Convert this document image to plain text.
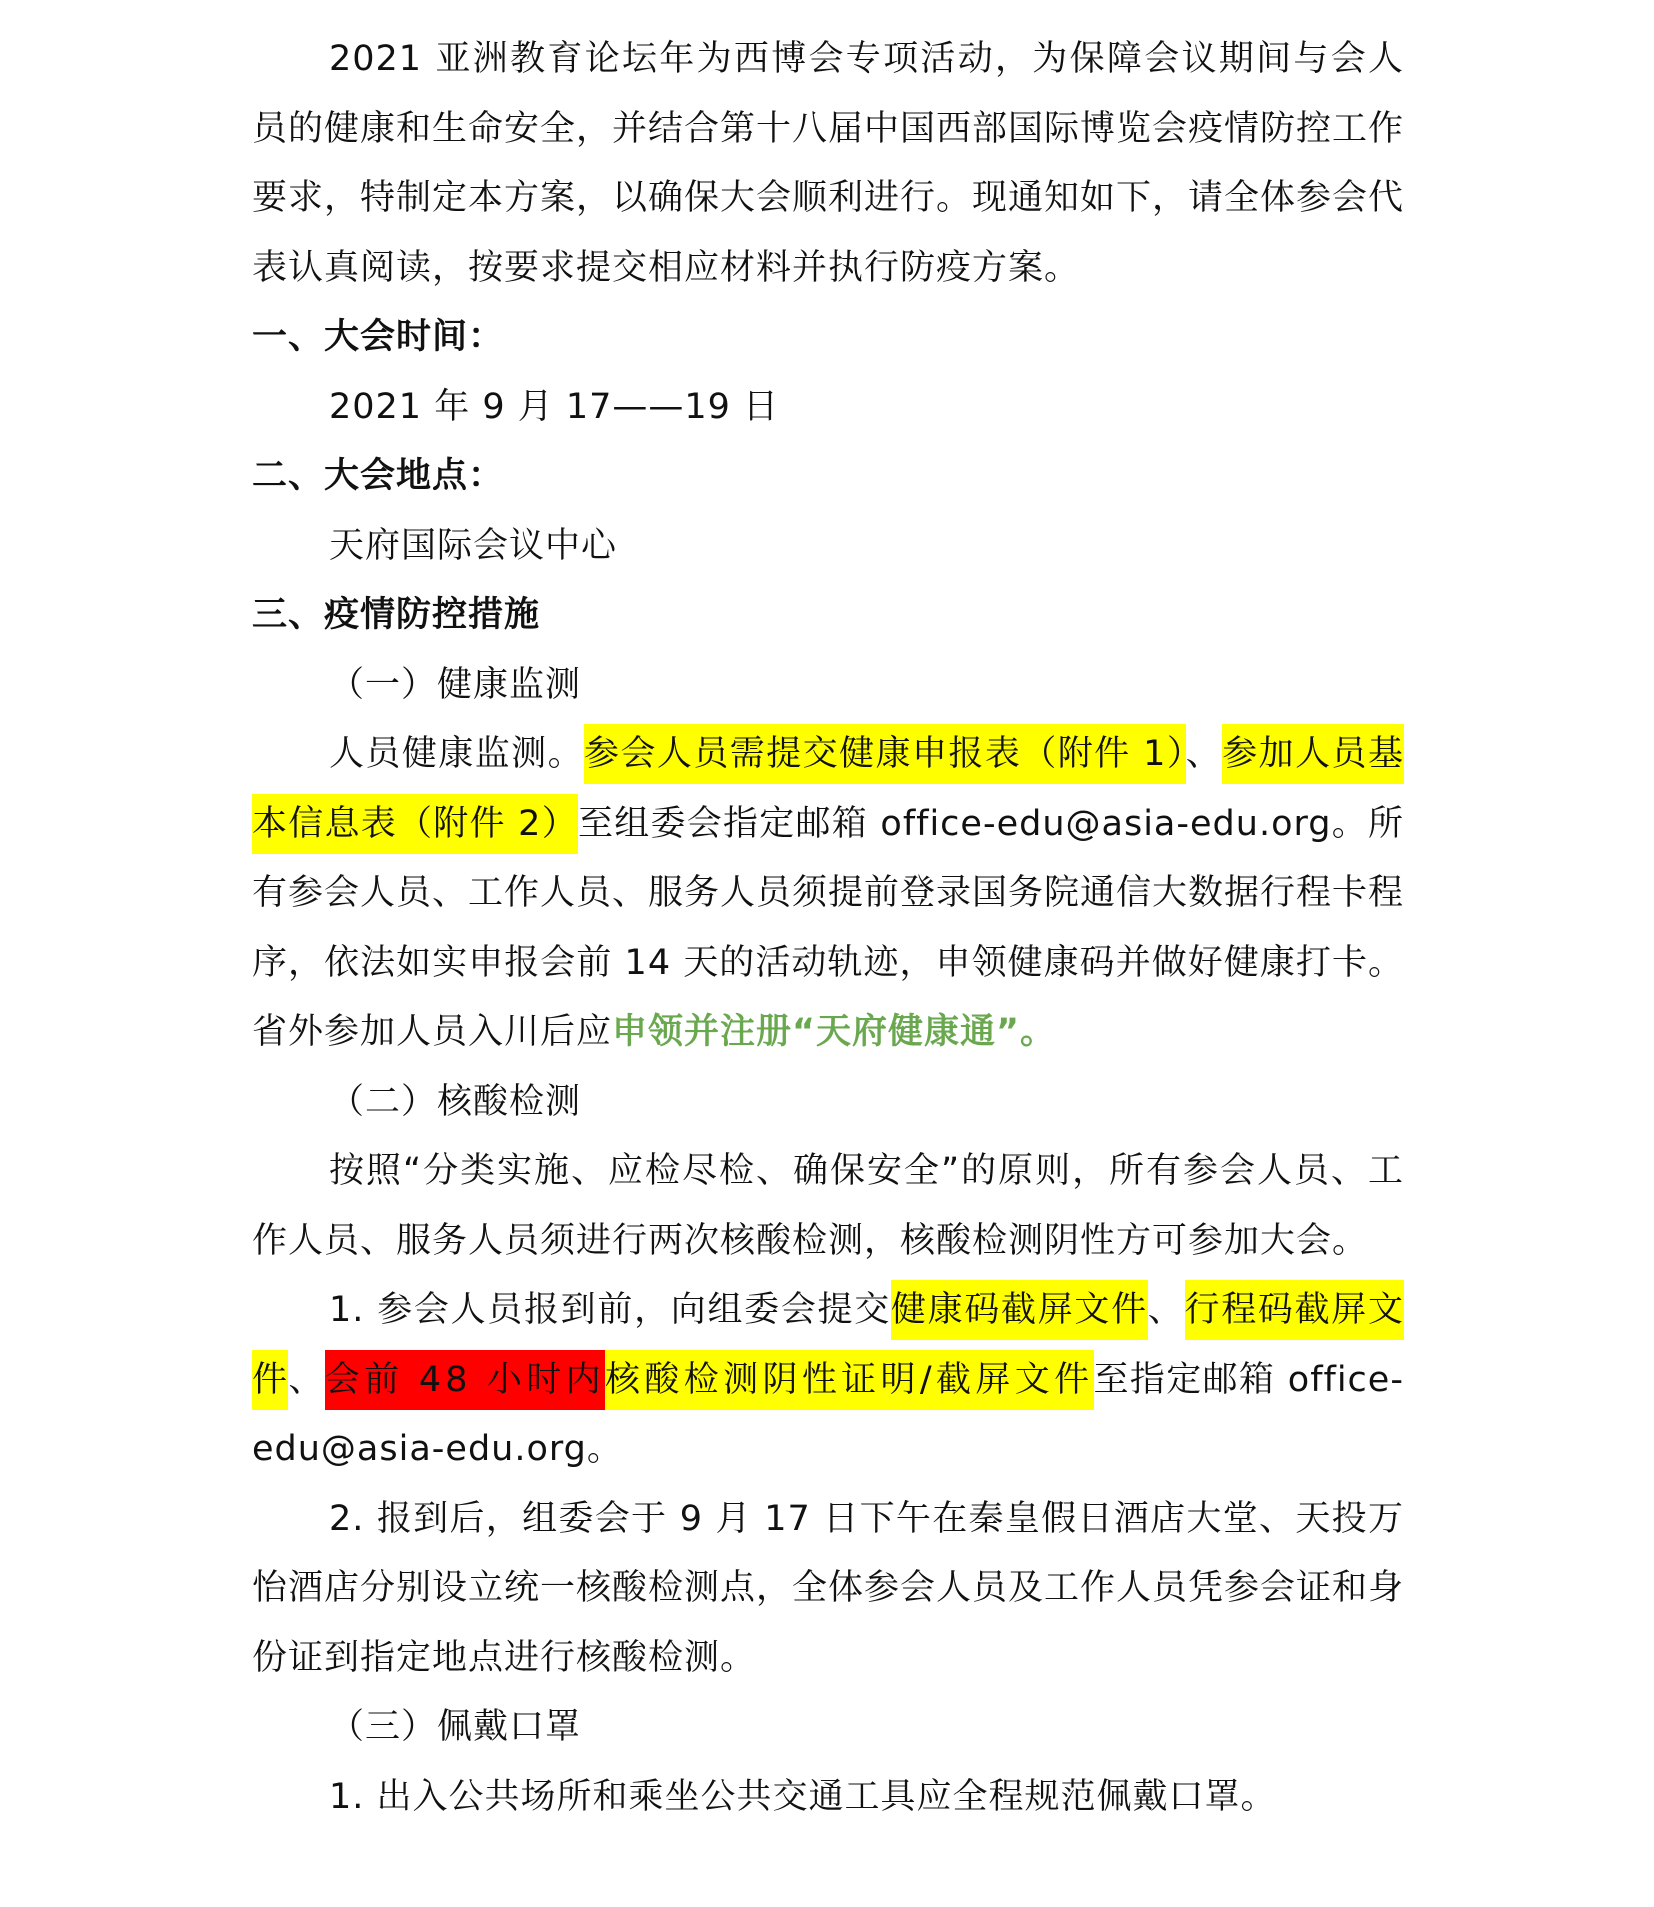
2021 亚洲教育论坛年为西博会专项活动，为保障会议期间与会人员的健康和生命安全，并结合第十八届中国西部国际博览会疫情防控工作要求，特制定本方案，以确保大会顺利进行。现通知如下，请全体参会代表认真阅读，按要求提交相应材料并执行防疫方案。

一、大会时间：

2021 年 9 月 17——19 日

二、大会地点：

天府国际会议中心

三、疫情防控措施

（一）健康监测

人员健康监测。参会人员需提交健康申报表（附件 1）、参加人员基本信息表（附件 2）至组委会指定邮箱 office-edu@asia-edu.org。所有参会人员、工作人员、服务人员须提前登录国务院通信大数据行程卡程序，依法如实申报会前 14 天的活动轨迹，申领健康码并做好健康打卡。省外参加人员入川后应申领并注册“天府健康通”。

（二）核酸检测

按照“分类实施、应检尽检、确保安全”的原则，所有参会人员、工作人员、服务人员须进行两次核酸检测，核酸检测阴性方可参加大会。

1. 参会人员报到前，向组委会提交健康码截屏文件、行程码截屏文件、会前 48 小时内核酸检测阴性证明/截屏文件至指定邮箱 office-edu@asia-edu.org。

2. 报到后，组委会于 9 月 17 日下午在秦皇假日酒店大堂、天投万怡酒店分别设立统一核酸检测点，全体参会人员及工作人员凭参会证和身份证到指定地点进行核酸检测。

（三）佩戴口罩

1. 出入公共场所和乘坐公共交通工具应全程规范佩戴口罩。
